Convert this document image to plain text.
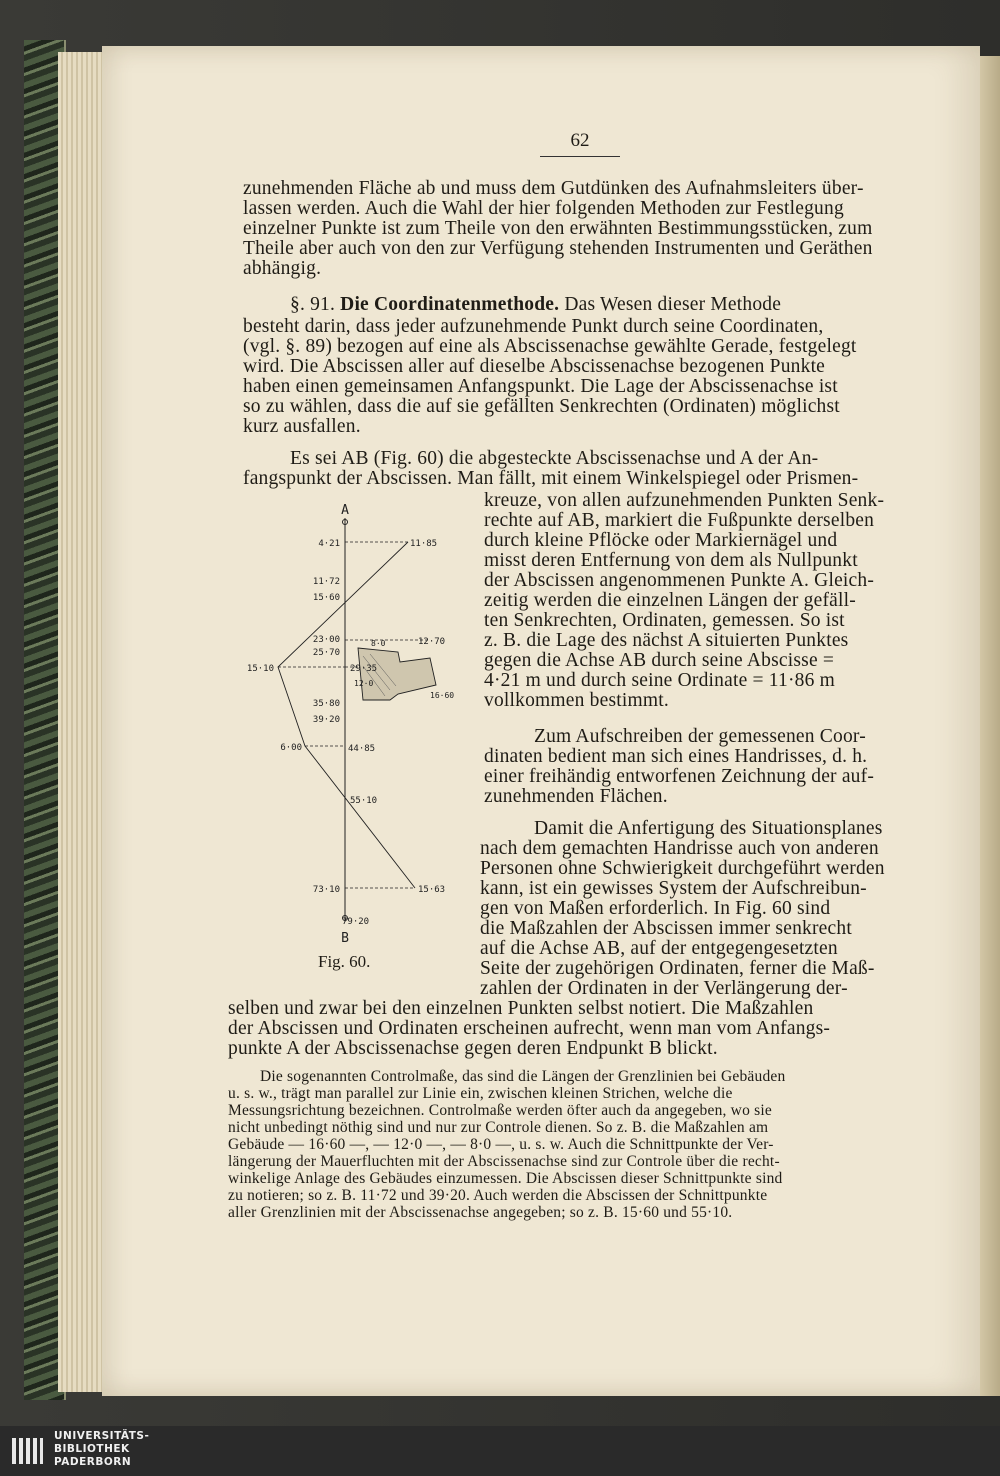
62
zunehmenden Fläche ab und muss dem Gutdünken des Aufnahmsleiters über-
lassen werden. Auch die Wahl der hier folgenden Methoden zur Festlegung
einzelner Punkte ist zum Theile von den erwähnten Bestimmungsstücken, zum
Theile aber auch von den zur Verfügung stehenden Instrumenten und Geräthen
abhängig.
§. 91. Die Coordinatenmethode. Das Wesen dieser Methode
besteht darin, dass jeder aufzunehmende Punkt durch seine Coordinaten,
(vgl. §. 89) bezogen auf eine als Abscissenachse gewählte Gerade, festgelegt
wird. Die Abscissen aller auf dieselbe Abscissenachse bezogenen Punkte
haben einen gemeinsamen Anfangspunkt. Die Lage der Abscissenachse ist
so zu wählen, dass die auf sie gefällten Senkrechten (Ordinaten) möglichst
kurz ausfallen.
Es sei AB (Fig. 60) die abgesteckte Abscissenachse und A der An-
fangspunkt der Abscissen. Man fällt, mit einem Winkelspiegel oder Prismen-
kreuze, von allen aufzunehmenden Punkten Senk-
rechte auf AB, markiert die Fußpunkte derselben
durch kleine Pflöcke oder Markiernägel und
misst deren Entfernung von dem als Nullpunkt
der Abscissen angenommenen Punkte A. Gleich-
zeitig werden die einzelnen Längen der gefäll-
ten Senkrechten, Ordinaten, gemessen. So ist
z. B. die Lage des nächst A situierten Punktes
gegen die Achse AB durch seine Abscisse =
4·21 m und durch seine Ordinate = 11·86 m
vollkommen bestimmt.
Zum Aufschreiben der gemessenen Coor-
dinaten bedient man sich eines Handrisses, d. h.
einer freihändig entworfenen Zeichnung der auf-
zunehmenden Flächen.
Damit die Anfertigung des Situationsplanes
nach dem gemachten Handrisse auch von anderen
Personen ohne Schwierigkeit durchgeführt werden
kann, ist ein gewisses System der Aufschreibun-
gen von Maßen erforderlich. In Fig. 60 sind
die Maßzahlen der Abscissen immer senkrecht
auf die Achse AB, auf der entgegengesetzten
Seite der zugehörigen Ordinaten, ferner die Maß-
zahlen der Ordinaten in der Verlängerung der-
selben und zwar bei den einzelnen Punkten selbst notiert. Die Maßzahlen
der Abscissen und Ordinaten erscheinen aufrecht, wenn man vom Anfangs-
punkte A der Abscissenachse gegen deren Endpunkt B blickt.
Die sogenannten Controlmaße, das sind die Längen der Grenzlinien bei Gebäuden
u. s. w., trägt man parallel zur Linie ein, zwischen kleinen Strichen, welche die
Messungsrichtung bezeichnen. Controlmaße werden öfter auch da angegeben, wo sie
nicht unbedingt nöthig sind und nur zur Controle dienen. So z. B. die Maßzahlen am
Gebäude — 16·60 —, — 12·0 —, — 8·0 —, u. s. w. Auch die Schnittpunkte der Ver-
längerung der Mauerfluchten mit der Abscissenachse sind zur Controle über die recht-
winkelige Anlage des Gebäudes einzumessen. Die Abscissen dieser Schnittpunkte sind
zu notieren; so z. B. 11·72 und 39·20. Auch werden die Abscissen der Schnittpunkte
aller Grenzlinien mit der Abscissenachse angegeben; so z. B. 15·60 und 55·10.
A
B
4·21
11·72
15·60
23·00
25·70
15·10
35·80
39·20
6·00
73·10
11·85
12·70
29·35
44·85
55·10
15·63
79·20
8·0
16·60
12·0
Fig. 60.
UNIVERSITÄTS-
BIBLIOTHEK
PADERBORN
